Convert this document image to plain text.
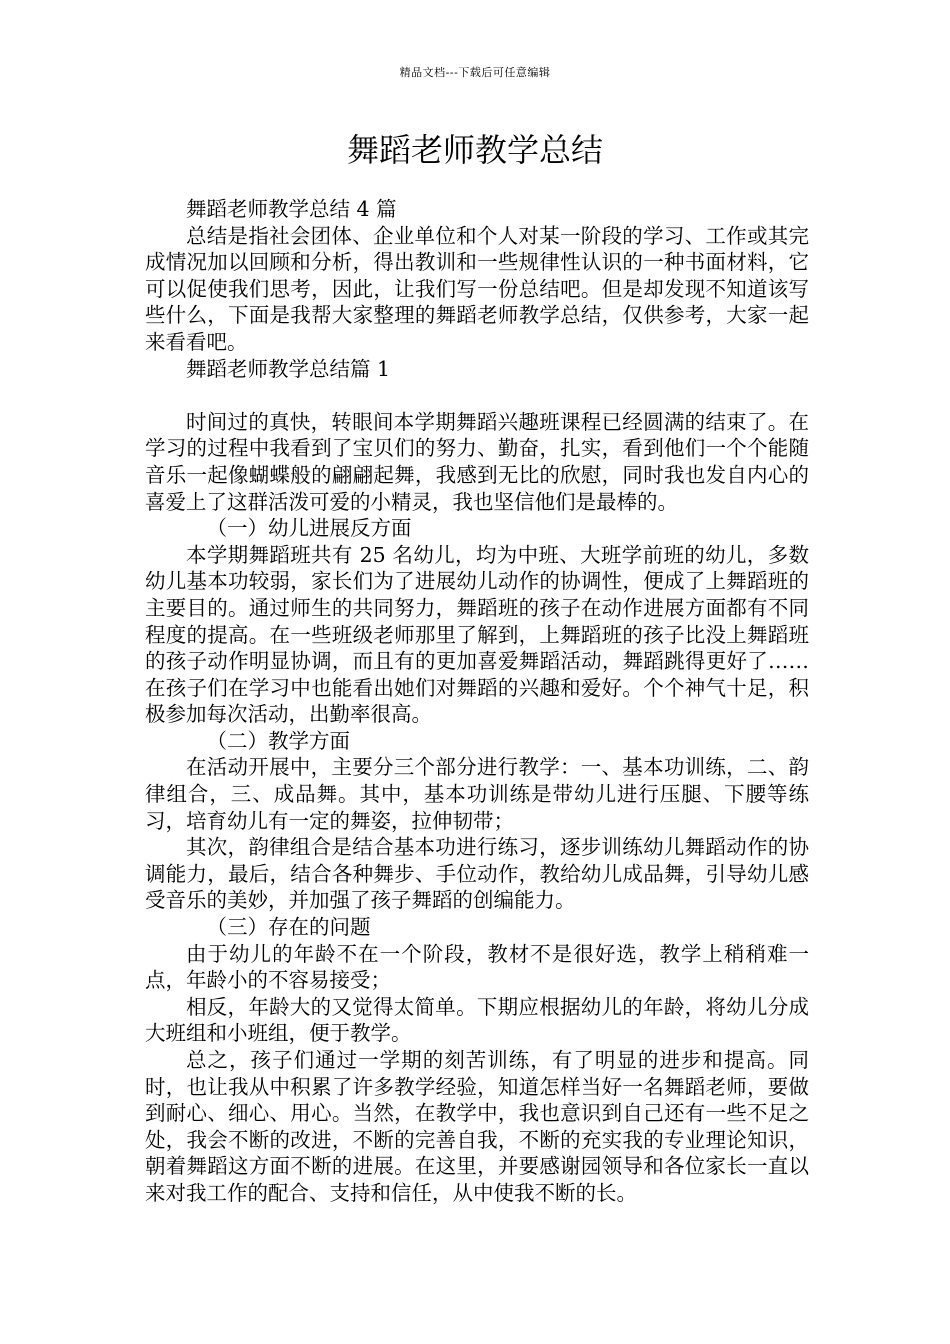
精品文档---下载后可任意编辑
舞蹈老师教学总结

舞蹈老师教学总结 4 篇

总结是指社会团体、企业单位和个人对某一阶段的学习、工作或其完成情况加以回顾和分析，得出教训和一些规律性认识的一种书面材料，它可以促使我们思考，因此，让我们写一份总结吧。但是却发现不知道该写些什么，下面是我帮大家整理的舞蹈老师教学总结，仅供参考，大家一起来看看吧。

舞蹈老师教学总结篇 1

时间过的真快，转眼间本学期舞蹈兴趣班课程已经圆满的结束了。在学习的过程中我看到了宝贝们的努力、勤奋，扎实，看到他们一个个能随音乐一起像蝴蝶般的翩翩起舞，我感到无比的欣慰，同时我也发自内心的喜爱上了这群活泼可爱的小精灵，我也坚信他们是最棒的。

（一）幼儿进展反方面

本学期舞蹈班共有 25 名幼儿，均为中班、大班学前班的幼儿，多数幼儿基本功较弱，家长们为了进展幼儿动作的协调性，便成了上舞蹈班的主要目的。通过师生的共同努力，舞蹈班的孩子在动作进展方面都有不同程度的提高。在一些班级老师那里了解到，上舞蹈班的孩子比没上舞蹈班的孩子动作明显协调，而且有的更加喜爱舞蹈活动，舞蹈跳得更好了……在孩子们在学习中也能看出她们对舞蹈的兴趣和爱好。个个神气十足，积极参加每次活动，出勤率很高。

（二）教学方面

在活动开展中，主要分三个部分进行教学：一、基本功训练，二、韵律组合，三、成品舞。其中，基本功训练是带幼儿进行压腿、下腰等练习，培育幼儿有一定的舞姿，拉伸韧带；

其次，韵律组合是结合基本功进行练习，逐步训练幼儿舞蹈动作的协调能力，最后，结合各种舞步、手位动作，教给幼儿成品舞，引导幼儿感受音乐的美妙，并加强了孩子舞蹈的创编能力。

（三）存在的问题

由于幼儿的年龄不在一个阶段，教材不是很好选，教学上稍稍难一点，年龄小的不容易接受；

相反，年龄大的又觉得太简单。下期应根据幼儿的年龄，将幼儿分成大班组和小班组，便于教学。

总之，孩子们通过一学期的刻苦训练，有了明显的进步和提高。同时，也让我从中积累了许多教学经验，知道怎样当好一名舞蹈老师，要做到耐心、细心、用心。当然，在教学中，我也意识到自己还有一些不足之处，我会不断的改进，不断的完善自我，不断的充实我的专业理论知识，朝着舞蹈这方面不断的进展。在这里，并要感谢园领导和各位家长一直以来对我工作的配合、支持和信任，从中使我不断的长。
